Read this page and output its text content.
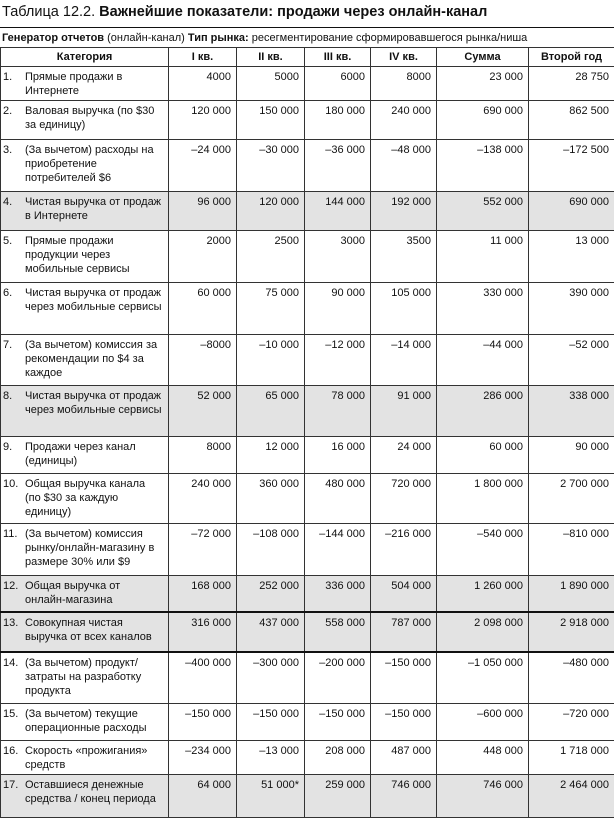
Таблица 12.2. Важнейшие показатели: продажи через онлайн-канал
Генератор отчетов (онлайн-канал) Тип рынка: ресегментирование сформировавшегося рынка/ниша
Категория	I кв.	II кв.	III кв.	IV кв.	Сумма	Второй год
1. Прямые продажи в Интернете	4000	5000	6000	8000	23 000	28 750
2. Валовая выручка (по $30 за единицу)	120 000	150 000	180 000	240 000	690 000	862 500
3. (За вычетом) расходы на приобретение потребителей $6	–24 000	–30 000	–36 000	–48 000	–138 000	–172 500
4. Чистая выручка от продаж в Интернете	96 000	120 000	144 000	192 000	552 000	690 000
5. Прямые продажи продукции через мобильные сервисы	2000	2500	3000	3500	11 000	13 000
6. Чистая выручка от продаж через мобильные сервисы	60 000	75 000	90 000	105 000	330 000	390 000
7. (За вычетом) комиссия за рекомендации по $4 за каждое	–8000	–10 000	–12 000	–14 000	–44 000	–52 000
8. Чистая выручка от продаж через мобильные сервисы	52 000	65 000	78 000	91 000	286 000	338 000
9. Продажи через канал (единицы)	8000	12 000	16 000	24 000	60 000	90 000
10. Общая выручка канала (по $30 за каждую единицу)	240 000	360 000	480 000	720 000	1 800 000	2 700 000
11. (За вычетом) комиссия рынку/онлайн-магазину в размере 30% или $9	–72 000	–108 000	–144 000	–216 000	–540 000	–810 000
12. Общая выручка от онлайн-магазина	168 000	252 000	336 000	504 000	1 260 000	1 890 000
13. Совокупная чистая выручка от всех каналов	316 000	437 000	558 000	787 000	2 098 000	2 918 000
14. (За вычетом) продукт/затраты на разработку продукта	–400 000	–300 000	–200 000	–150 000	–1 050 000	–480 000
15. (За вычетом) текущие операционные расходы	–150 000	–150 000	–150 000	–150 000	–600 000	–720 000
16. Скорость «прожигания» средств	–234 000	–13 000	208 000	487 000	448 000	1 718 000
17. Оставшиеся денежные средства / конец периода	64 000	51 000*	259 000	746 000	746 000	2 464 000
